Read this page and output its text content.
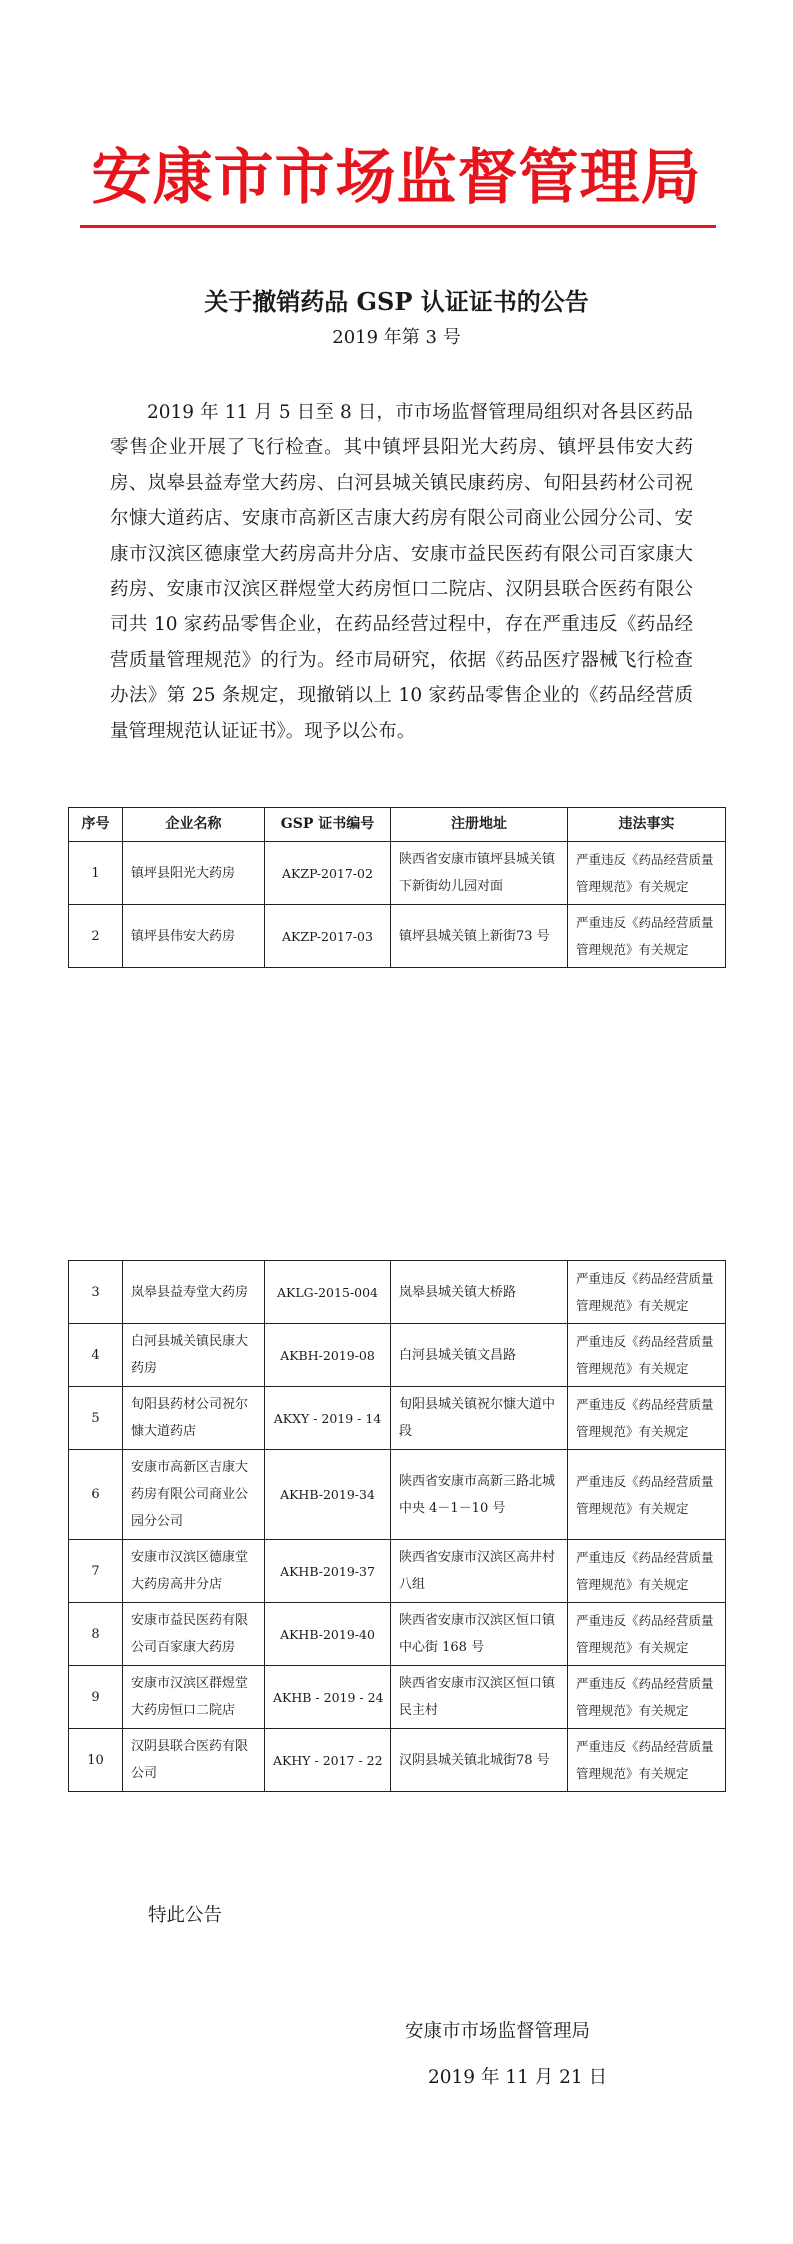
安康市市场监督管理局
关于撤销药品 GSP 认证证书的公告
2019 年第 3 号
2019 年 11 月 5 日至 8 日，市市场监督管理局组织对各县区药品零售企业开展了飞行检查。其中镇坪县阳光大药房、镇坪县伟安大药房、岚皋县益寿堂大药房、白河县城关镇民康药房、旬阳县药材公司祝尔慷大道药店、安康市高新区吉康大药房有限公司商业公园分公司、安康市汉滨区德康堂大药房高井分店、安康市益民医药有限公司百家康大药房、安康市汉滨区群煜堂大药房恒口二院店、汉阴县联合医药有限公司共 10 家药品零售企业，在药品经营过程中，存在严重违反《药品经营质量管理规范》的行为。经市局研究，依据《药品医疗器械飞行检查办法》第 25 条规定，现撤销以上 10 家药品零售企业的《药品经营质量管理规范认证证书》。现予以公布。
序号	企业名称	GSP 证书编号	注册地址	违法事实
1	镇坪县阳光大药房	AKZP-2017-02	陕西省安康市镇坪县城关镇下新街幼儿园对面	严重违反《药品经营质量管理规范》有关规定
2	镇坪县伟安大药房	AKZP-2017-03	镇坪县城关镇上新街73 号	严重违反《药品经营质量管理规范》有关规定
3	岚皋县益寿堂大药房	AKLG-2015-004	岚皋县城关镇大桥路	严重违反《药品经营质量管理规范》有关规定
4	白河县城关镇民康大药房	AKBH-2019-08	白河县城关镇文昌路	严重违反《药品经营质量管理规范》有关规定
5	旬阳县药材公司祝尔慷大道药店	AKXY - 2019 - 14	旬阳县城关镇祝尔慷大道中段	严重违反《药品经营质量管理规范》有关规定
6	安康市高新区吉康大药房有限公司商业公园分公司	AKHB-2019-34	陕西省安康市高新三路北城中央 4－1－10 号	严重违反《药品经营质量管理规范》有关规定
7	安康市汉滨区德康堂大药房高井分店	AKHB-2019-37	陕西省安康市汉滨区高井村八组	严重违反《药品经营质量管理规范》有关规定
8	安康市益民医药有限公司百家康大药房	AKHB-2019-40	陕西省安康市汉滨区恒口镇中心街 168 号	严重违反《药品经营质量管理规范》有关规定
9	安康市汉滨区群煜堂大药房恒口二院店	AKHB - 2019 - 24	陕西省安康市汉滨区恒口镇民主村	严重违反《药品经营质量管理规范》有关规定
10	汉阴县联合医药有限公司	AKHY - 2017 - 22	汉阴县城关镇北城街78 号	严重违反《药品经营质量管理规范》有关规定
特此公告
安康市市场监督管理局
2019 年 11 月 21 日
